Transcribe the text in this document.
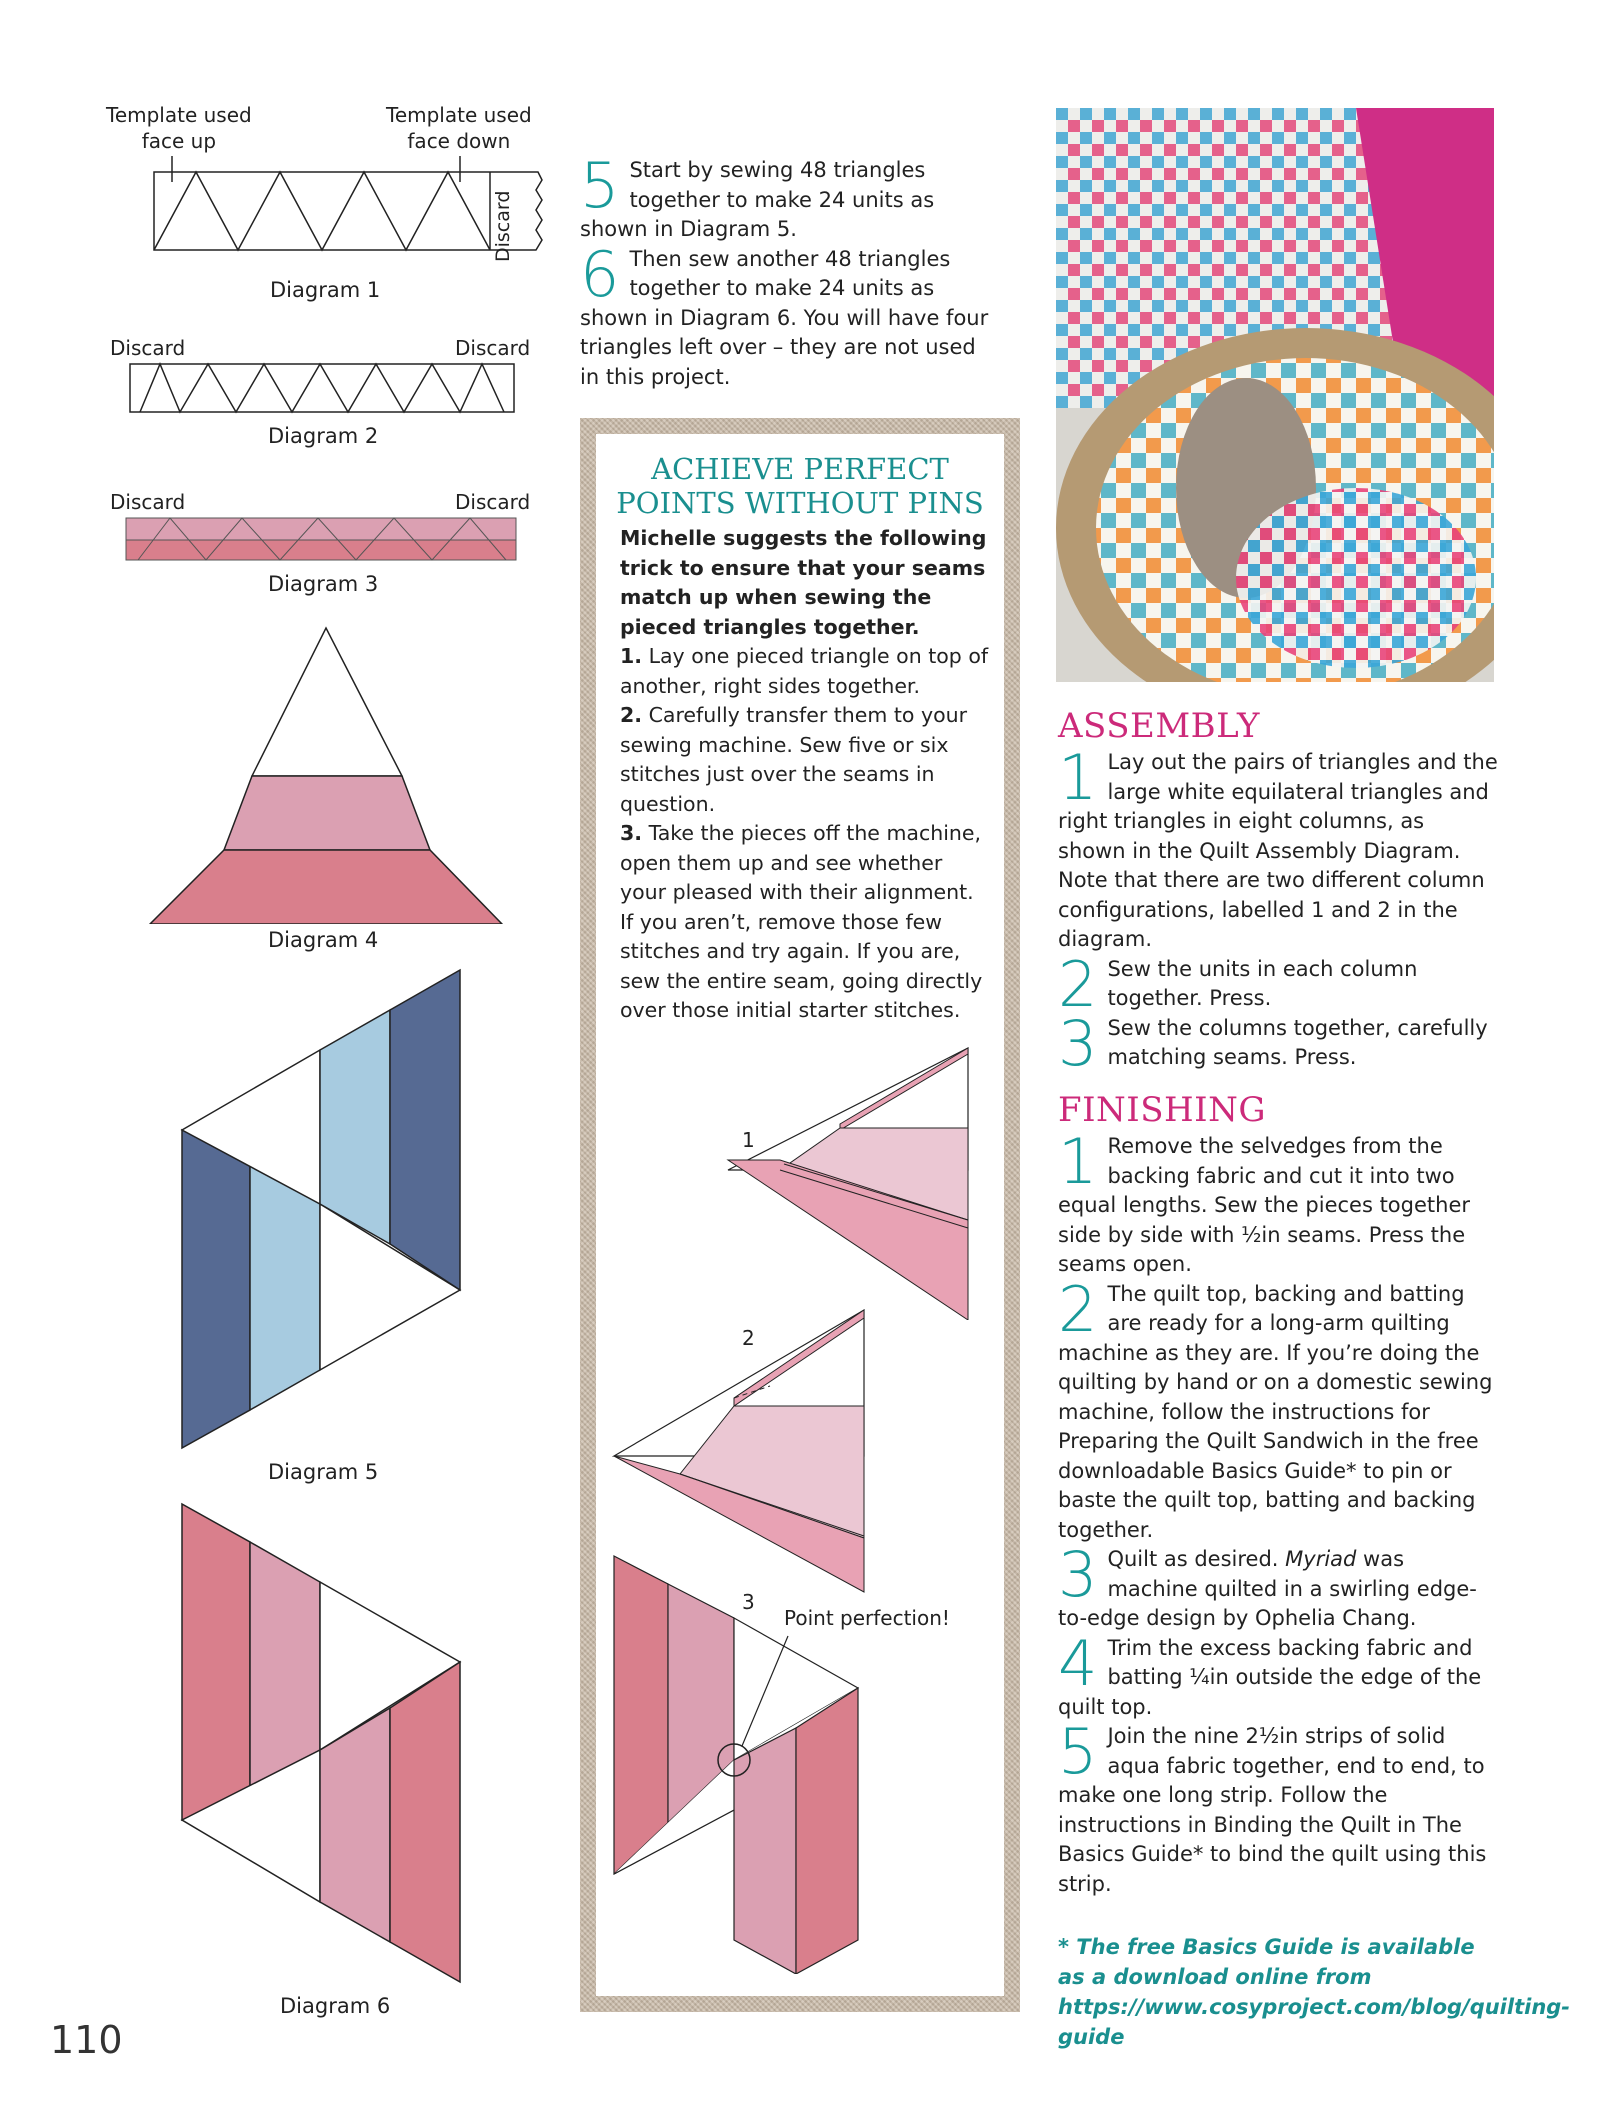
Template used
face up
Template used
face down
Discard
Diagram 1
Discard	Discard
Diagram 2
Discard	Discard
Diagram 3
Diagram 4
Diagram 5
Diagram 6
110
5 Start by sewing 48 triangles together to make 24 units as shown in Diagram 5.
6 Then sew another 48 triangles together to make 24 units as shown in Diagram 6. You will have four triangles left over – they are not used in this project.
ACHIEVE PERFECT
POINTS WITHOUT PINS
Michelle suggests the following trick to ensure that your seams match up when sewing the pieced triangles together.
1. Lay one pieced triangle on top of another, right sides together.
2. Carefully transfer them to your sewing machine. Sew five or six stitches just over the seams in question.
3. Take the pieces off the machine, open them up and see whether your pleased with their alignment. If you aren’t, remove those few stitches and try again. If you are, sew the entire seam, going directly over those initial starter stitches.
1
2
3
Point perfection!
ASSEMBLY
1 Lay out the pairs of triangles and the large white equilateral triangles and right triangles in eight columns, as shown in the Quilt Assembly Diagram. Note that there are two different column configurations, labelled 1 and 2 in the diagram.
2 Sew the units in each column together. Press.
3 Sew the columns together, carefully matching seams. Press.
FINISHING
1 Remove the selvedges from the backing fabric and cut it into two equal lengths. Sew the pieces together side by side with ½in seams. Press the seams open.
2 The quilt top, backing and batting are ready for a long-arm quilting machine as they are. If you’re doing the quilting by hand or on a domestic sewing machine, follow the instructions for Preparing the Quilt Sandwich in the free downloadable Basics Guide* to pin or baste the quilt top, batting and backing together.
3 Quilt as desired. Myriad was machine quilted in a swirling edge-to-edge design by Ophelia Chang.
4 Trim the excess backing fabric and batting ¼in outside the edge of the quilt top.
5 Join the nine 2½in strips of solid aqua fabric together, end to end, to make one long strip. Follow the instructions in Binding the Quilt in The Basics Guide* to bind the quilt using this strip.
* The free Basics Guide is available as a download online from https://www.cosyproject.com/blog/quilting-guide
